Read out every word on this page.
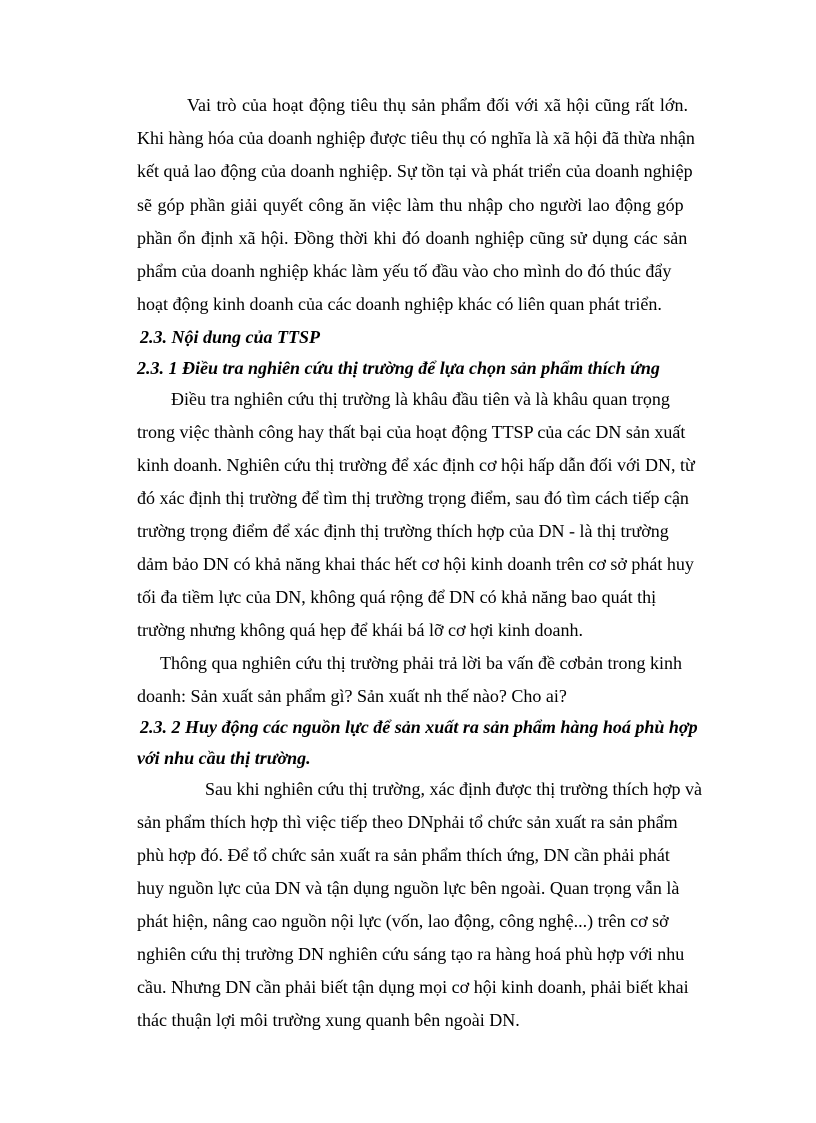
Vai trò của hoạt động tiêu thụ sản phẩm đối với xã hội cũng rất lớn.
Khi hàng hóa của doanh nghiệp được tiêu thụ có nghĩa là xã hội đã thừa nhận
kết quả lao động của doanh nghiệp. Sự tồn tại và phát triển của doanh nghiệp
sẽ góp phần giải quyết công ăn việc làm thu nhập cho người lao động góp
phần ổn định xã hội. Đồng thời khi đó doanh nghiệp cũng sử dụng các sản
phẩm của doanh nghiệp khác làm yếu tố đầu vào cho mình do đó thúc đẩy
hoạt động kinh doanh của các doanh nghiệp khác có liên quan phát triển.
2.3. Nội dung của TTSP
2.3. 1 Điều tra nghiên cứu thị trường để lựa chọn sản phẩm thích ứng
Điều tra nghiên cứu thị trường là khâu đầu tiên và là khâu quan trọng
trong việc thành công hay thất bại của hoạt động TTSP của các DN sản xuất
kinh doanh. Nghiên cứu thị trường để xác định cơ hội hấp dẫn đối với DN, từ
đó xác định thị trường để tìm thị trường trọng điểm, sau đó tìm cách tiếp cận
trường trọng điểm để xác định thị trường thích hợp của DN - là thị trường
dảm bảo DN có khả năng khai thác hết cơ hội kinh doanh trên cơ sở phát huy
tối đa tiềm lực của DN, không quá rộng để DN có khả năng bao quát thị
trường nhưng không quá hẹp để khái bá lỡ cơ hợi kinh doanh.
Thông qua nghiên cứu thị trường phải trả lời ba vấn đề cơbản trong kinh
doanh: Sản xuất sản phẩm gì? Sản xuất nh thế nào? Cho ai?
2.3. 2 Huy động các nguồn lực để sản xuất ra sản phẩm hàng hoá phù hợp
với nhu cầu thị trường.
Sau khi nghiên cứu thị trường, xác định được thị trường thích hợp và
sản phẩm thích hợp thì việc tiếp theo DNphải tổ chức sản xuất ra sản phẩm
phù hợp đó. Để tổ chức sản xuất ra sản phẩm thích ứng, DN cần phải phát
huy nguồn lực của DN và tận dụng nguồn lực bên ngoài. Quan trọng vẫn là
phát hiện, nâng cao nguồn nội lực (vốn, lao động, công nghệ...) trên cơ sở
nghiên cứu thị trường DN nghiên cứu sáng tạo ra hàng hoá phù hợp với nhu
cầu. Nhưng DN cần phải biết tận dụng mọi cơ hội kinh doanh, phải biết khai
thác thuận lợi môi trường xung quanh bên ngoài DN.
